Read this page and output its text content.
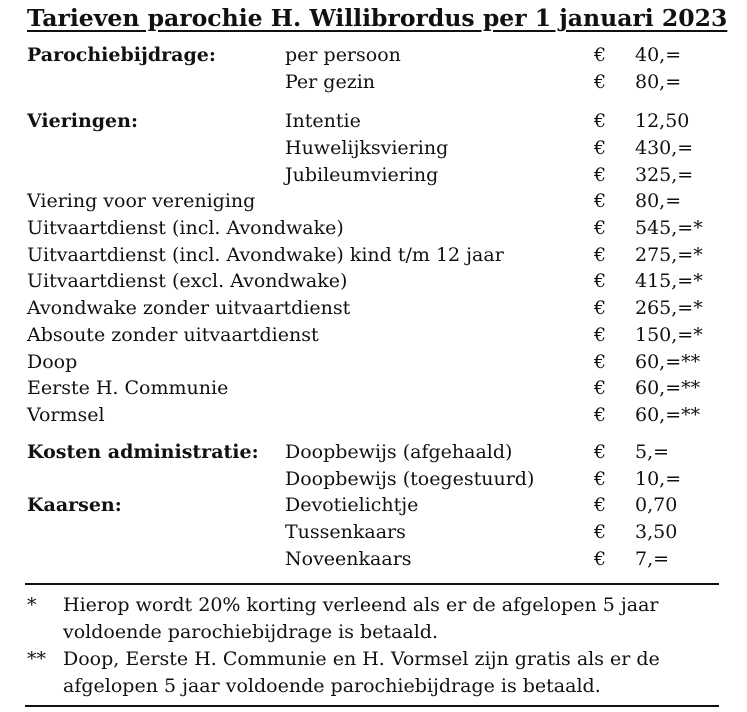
Tarieven parochie H. Willibrordus per 1 januari 2023
Parochiebijdrage:	per persoon	€ 40,=
Per gezin	€ 80,=
Vieringen:	Intentie	€ 12,50
Huwelijksviering	€ 430,=
Jubileumviering	€ 325,=
Viering voor vereniging	€ 80,=
Uitvaartdienst (incl. Avondwake)	€ 545,=*
Uitvaartdienst (incl. Avondwake) kind t/m 12 jaar	€ 275,=*
Uitvaartdienst (excl. Avondwake)	€ 415,=*
Avondwake zonder uitvaartdienst	€ 265,=*
Absoute zonder uitvaartdienst	€ 150,=*
Doop	€ 60,=**
Eerste H. Communie	€ 60,=**
Vormsel	€ 60,=**
Kosten administratie: Doopbewijs (afgehaald)	€ 5,=
Doopbewijs (toegestuurd)	€ 10,=
Kaarsen:	Devotielichtje	€ 0,70
Tussenkaars	€ 3,50
Noveenkaars	€ 7,=
* Hierop wordt 20% korting verleend als er de afgelopen 5 jaar voldoende parochiebijdrage is betaald.
** Doop, Eerste H. Communie en H. Vormsel zijn gratis als er de afgelopen 5 jaar voldoende parochiebijdrage is betaald.
